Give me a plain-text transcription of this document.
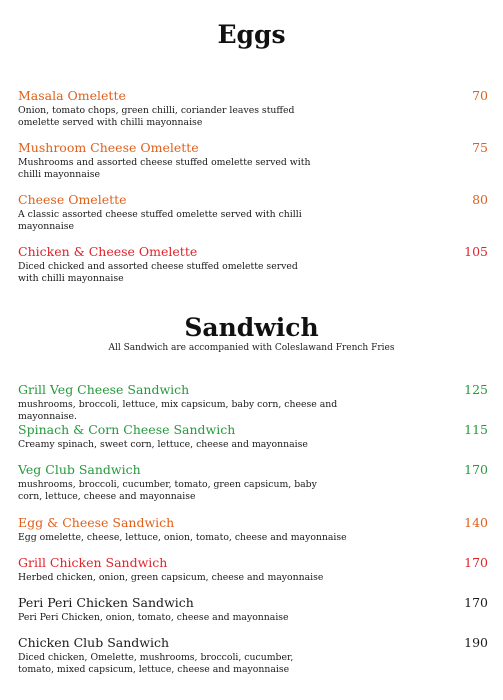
Eggs
Masala Omelette	70
Onion, tomato chops, green chilli, coriander leaves stuffed omelette served with chilli mayonnaise
Mushroom Cheese Omelette	75
Mushrooms and assorted cheese stuffed omelette served with chilli mayonnaise
Cheese Omelette	80
A classic assorted cheese stuffed omelette served with chilli mayonnaise
Chicken & Cheese Omelette	105
Diced chicked and assorted cheese stuffed omelette served with chilli mayonnaise
Sandwich
All Sandwich are accompanied with Coleslawand French Fries
Grill Veg Cheese Sandwich	125
mushrooms, broccoli, lettuce, mix capsicum, baby corn, cheese and mayonnaise.
Spinach & Corn Cheese Sandwich	115
Creamy spinach, sweet corn, lettuce, cheese and mayonnaise
Veg Club Sandwich	170
mushrooms, broccoli, cucumber, tomato, green capsicum, baby corn, lettuce, cheese and mayonnaise
Egg & Cheese Sandwich	140
Egg omelette, cheese, lettuce, onion, tomato, cheese and mayonnaise
Grill Chicken Sandwich	170
Herbed chicken, onion, green capsicum, cheese and mayonnaise
Peri Peri Chicken Sandwich	170
Peri Peri Chicken, onion, tomato, cheese and mayonnaise
Chicken Club Sandwich	190
Diced chicken, Omelette, mushrooms, broccoli, cucumber, tomato, mixed capsicum, lettuce, cheese and mayonnaise
